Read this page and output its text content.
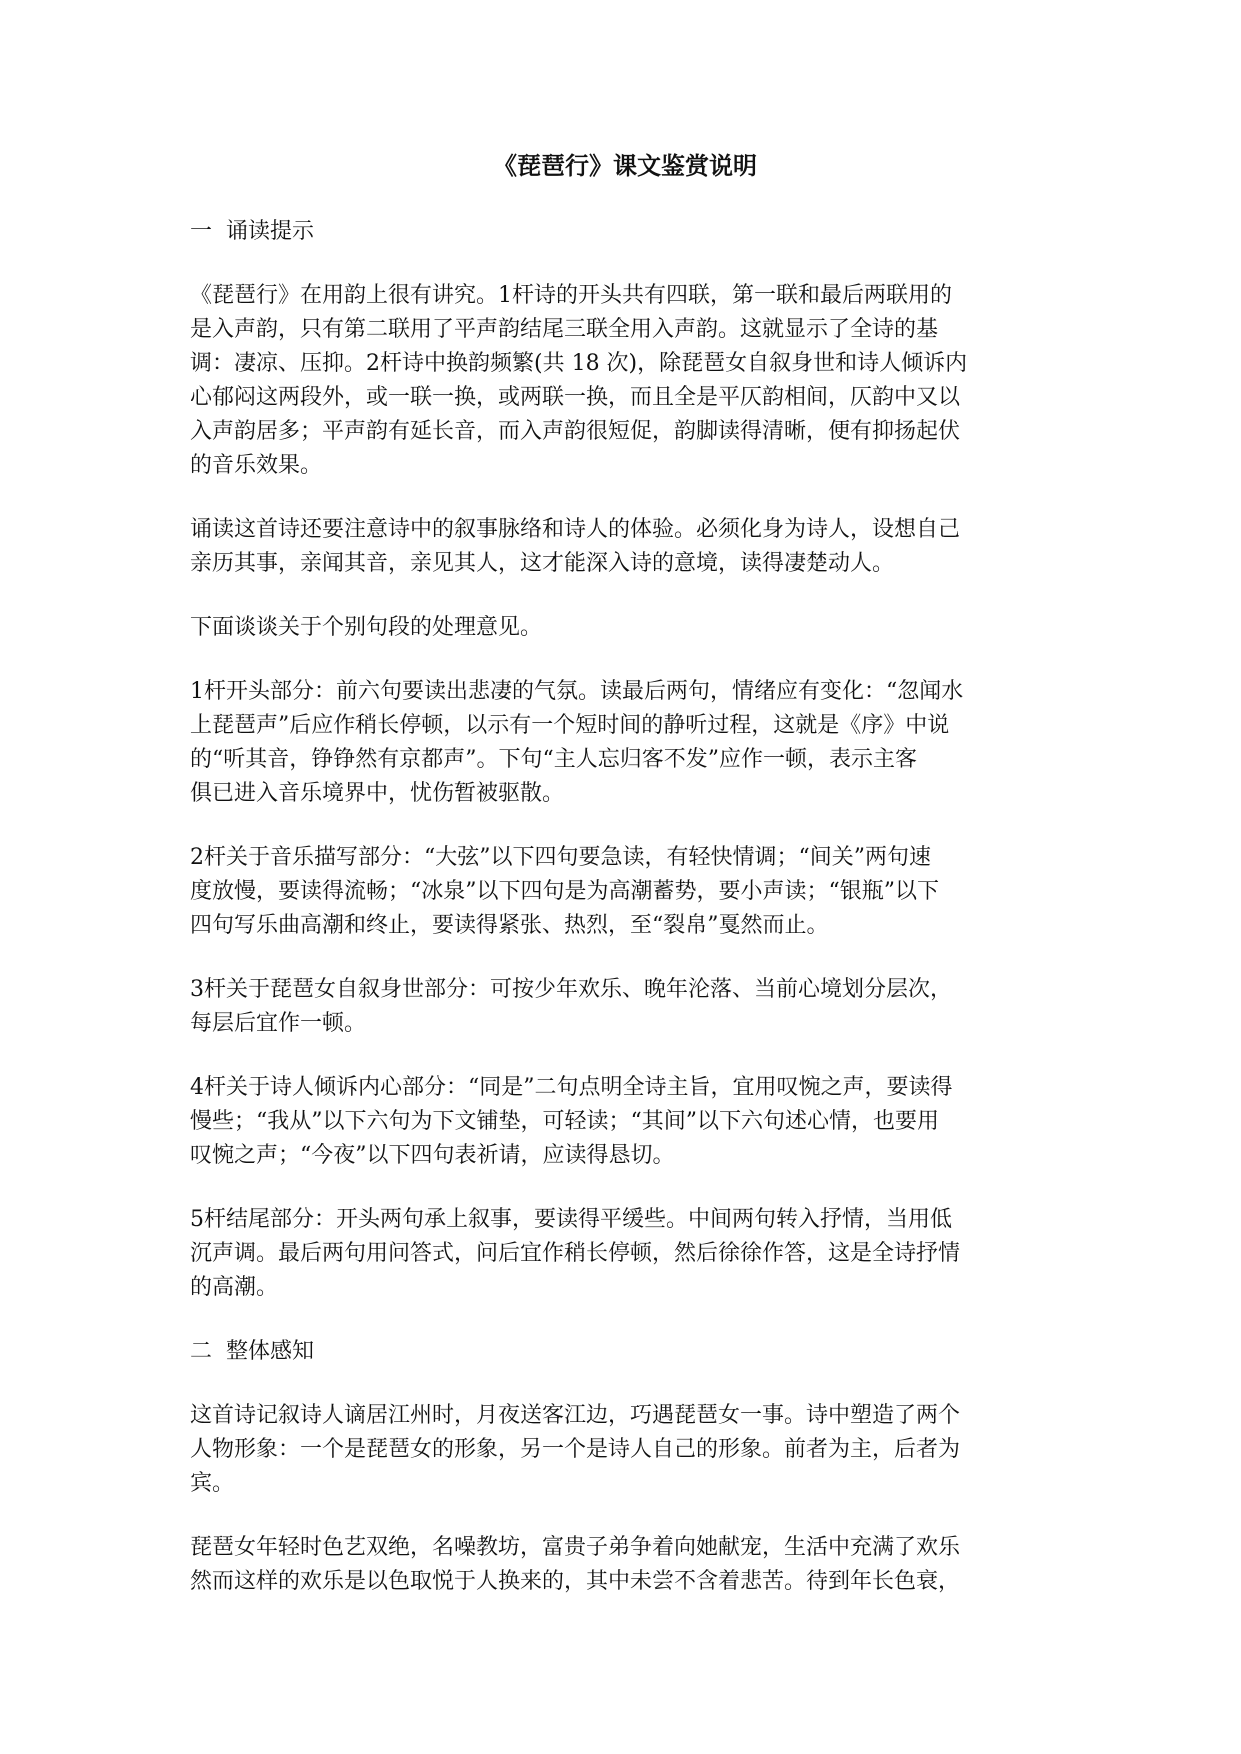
《琵琶行》课文鉴赏说明
一  诵读提示
《琵琶行》在用韵上很有讲究。1杆诗的开头共有四联，第一联和最后两联用的
是入声韵，只有第二联用了平声韵结尾三联全用入声韵。这就显示了全诗的基
调：凄凉、压抑。2杆诗中换韵频繁(共 18 次)，除琵琶女自叙身世和诗人倾诉内
心郁闷这两段外，或一联一换，或两联一换，而且全是平仄韵相间，仄韵中又以
入声韵居多；平声韵有延长音，而入声韵很短促，韵脚读得清晰，便有抑扬起伏
的音乐效果。
诵读这首诗还要注意诗中的叙事脉络和诗人的体验。必须化身为诗人，设想自己
亲历其事，亲闻其音，亲见其人，这才能深入诗的意境，读得凄楚动人。
下面谈谈关于个别句段的处理意见。
1杆开头部分：前六句要读出悲凄的气氛。读最后两句，情绪应有变化：“忽闻水
上琵琶声”后应作稍长停顿，以示有一个短时间的静听过程，这就是《序》中说
的“听其音，铮铮然有京都声”。下句“主人忘归客不发”应作一顿，表示主客
俱已进入音乐境界中，忧伤暂被驱散。
2杆关于音乐描写部分：“大弦”以下四句要急读，有轻快情调；“间关”两句速
度放慢，要读得流畅；“冰泉”以下四句是为高潮蓄势，要小声读；“银瓶”以下
四句写乐曲高潮和终止，要读得紧张、热烈，至“裂帛”戛然而止。
3杆关于琵琶女自叙身世部分：可按少年欢乐、晚年沦落、当前心境划分层次，
每层后宜作一顿。
4杆关于诗人倾诉内心部分：“同是”二句点明全诗主旨，宜用叹惋之声，要读得
慢些；“我从”以下六句为下文铺垫，可轻读；“其间”以下六句述心情，也要用
叹惋之声；“今夜”以下四句表祈请，应读得恳切。
5杆结尾部分：开头两句承上叙事，要读得平缓些。中间两句转入抒情，当用低
沉声调。最后两句用问答式，问后宜作稍长停顿，然后徐徐作答，这是全诗抒情
的高潮。
二  整体感知
这首诗记叙诗人谪居江州时，月夜送客江边，巧遇琵琶女一事。诗中塑造了两个
人物形象：一个是琵琶女的形象，另一个是诗人自己的形象。前者为主，后者为
宾。
琵琶女年轻时色艺双绝，名噪教坊，富贵子弟争着向她献宠，生活中充满了欢乐
然而这样的欢乐是以色取悦于人换来的，其中未尝不含着悲苦。待到年长色衰，
